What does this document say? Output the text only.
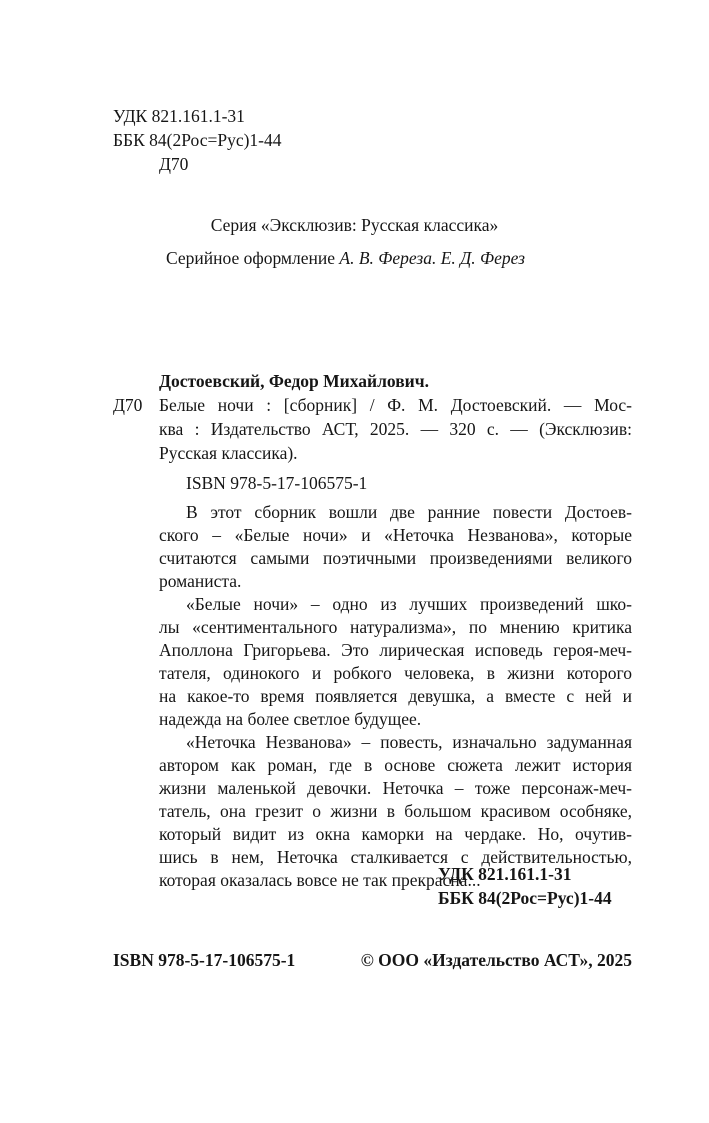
УДК 821.161.1-31
ББК 84(2Рос=Рус)1-44
Д70
Серия «Эксклюзив: Русская классика»
Серийное оформление А. В. Фереза. Е. Д. Ферез
Достоевский, Федор Михайлович.
Д70 Белые ночи : [сборник] / Ф. М. Достоевский. — Мос-
ква : Издательство АСТ, 2025. — 320 с. — (Эксклюзив:
Русская классика).
ISBN 978-5-17-106575-1
В этот сборник вошли две ранние повести Достоев-
ского – «Белые ночи» и «Неточка Незванова», которые
считаются самыми поэтичными произведениями великого
романиста.
«Белые ночи» – одно из лучших произведений шко-
лы «сентиментального натурализма», по мнению критика
Аполлона Григорьева. Это лирическая исповедь героя-меч-
тателя, одинокого и робкого человека, в жизни которого
на какое-то время появляется девушка, а вместе с ней и
надежда на более светлое будущее.
«Неточка Незванова» – повесть, изначально задуманная
автором как роман, где в основе сюжета лежит история
жизни маленькой девочки. Неточка – тоже персонаж-меч-
татель, она грезит о жизни в большом красивом особняке,
который видит из окна каморки на чердаке. Но, очутив-
шись в нем, Неточка сталкивается с действительностью,
которая оказалась вовсе не так прекрасна...
УДК 821.161.1-31
ББК 84(2Рос=Рус)1-44
ISBN 978-5-17-106575-1	© ООО «Издательство АСТ», 2025
